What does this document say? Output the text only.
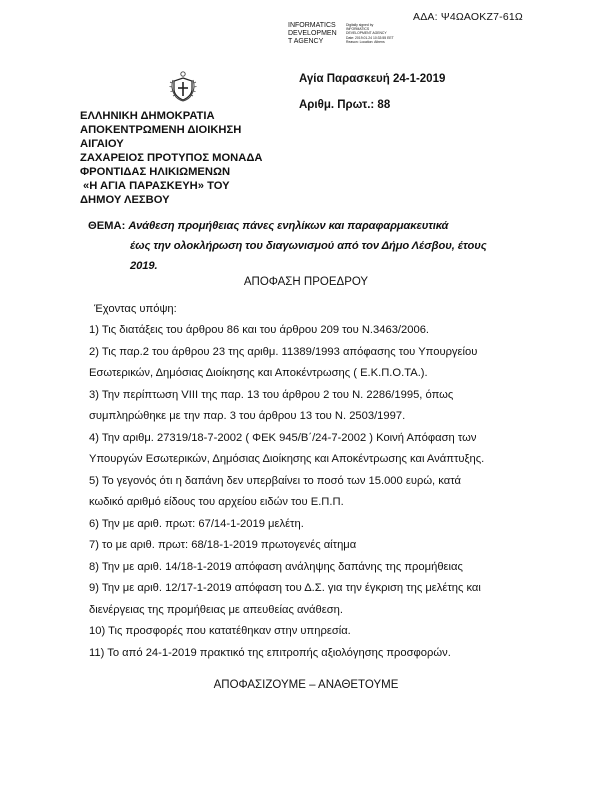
ΑΔΑ: Ψ4ΩΑΟΚΖ7-61Ω
INFORMATICS
DEVELOPMEN
T AGENCY
Digitally signed by INFORMATICS DEVELOPMENT AGENCY Date: 2019.01.24 10:33:55 EET Reason: Location: Athens
ΕΛΛΗΝΙΚΗ ΔΗΜΟΚΡΑΤΙΑ
ΑΠΟΚΕΝΤΡΩΜΕΝΗ ΔΙΟΙΚΗΣΗ
ΑΙΓΑΙΟΥ
ΖΑΧΑΡΕΙΟΣ ΠΡΟΤΥΠΟΣ ΜΟΝΑΔΑ
ΦΡΟΝΤΙΔΑΣ ΗΛΙΚΙΩΜΕΝΩΝ
«Η ΑΓΙΑ ΠΑΡΑΣΚΕΥΗ» ΤΟΥ
ΔΗΜΟΥ ΛΕΣΒΟΥ
Αγία Παρασκευή 24-1-2019
Αριθμ. Πρωτ.: 88
ΘΕΜΑ: Ανάθεση προμήθειας πάνες ενηλίκων και παραφαρμακευτικά
έως την ολοκλήρωση του διαγωνισμού από τον Δήμο Λέσβου, έτους
2019.
ΑΠΟΦΑΣΗ ΠΡΟΕΔΡΟΥ
Έχοντας υπόψη:
1) Τις διατάξεις του άρθρου 86 και του άρθρου 209 του Ν.3463/2006.
2) Τις παρ.2 του άρθρου 23 της αριθμ. 11389/1993 απόφασης του Υπουργείου
Εσωτερικών, Δημόσιας Διοίκησης και Αποκέντρωσης ( Ε.Κ.Π.Ο.ΤΑ.).
3) Την περίπτωση VIII της παρ. 13 του άρθρου 2 του Ν. 2286/1995, όπως
συμπληρώθηκε με την παρ. 3 του άρθρου 13 του Ν. 2503/1997.
4) Την αριθμ. 27319/18-7-2002 ( ΦΕΚ 945/Β΄/24-7-2002 ) Κοινή Απόφαση των
Υπουργών Εσωτερικών, Δημόσιας Διοίκησης και Αποκέντρωσης και Ανάπτυξης.
5) Το γεγονός ότι η δαπάνη δεν υπερβαίνει το ποσό των 15.000 ευρώ, κατά
κωδικό αριθμό είδους του αρχείου ειδών του Ε.Π.Π.
6) Την με αριθ. πρωτ: 67/14-1-2019 μελέτη.
7) το με αριθ. πρωτ: 68/18-1-2019 πρωτογενές αίτημα
8) Την με αριθ. 14/18-1-2019 απόφαση ανάληψης δαπάνης της προμήθειας
9) Την με αριθ. 12/17-1-2019 απόφαση του Δ.Σ. για την έγκριση της μελέτης και
διενέργειας της προμήθειας με απευθείας ανάθεση.
10) Τις προσφορές που κατατέθηκαν στην υπηρεσία.
11) Το από 24-1-2019 πρακτικό της επιτροπής αξιολόγησης προσφορών.
ΑΠΟΦΑΣΙΖΟΥΜΕ – ΑΝΑΘΕΤΟΥΜΕ
